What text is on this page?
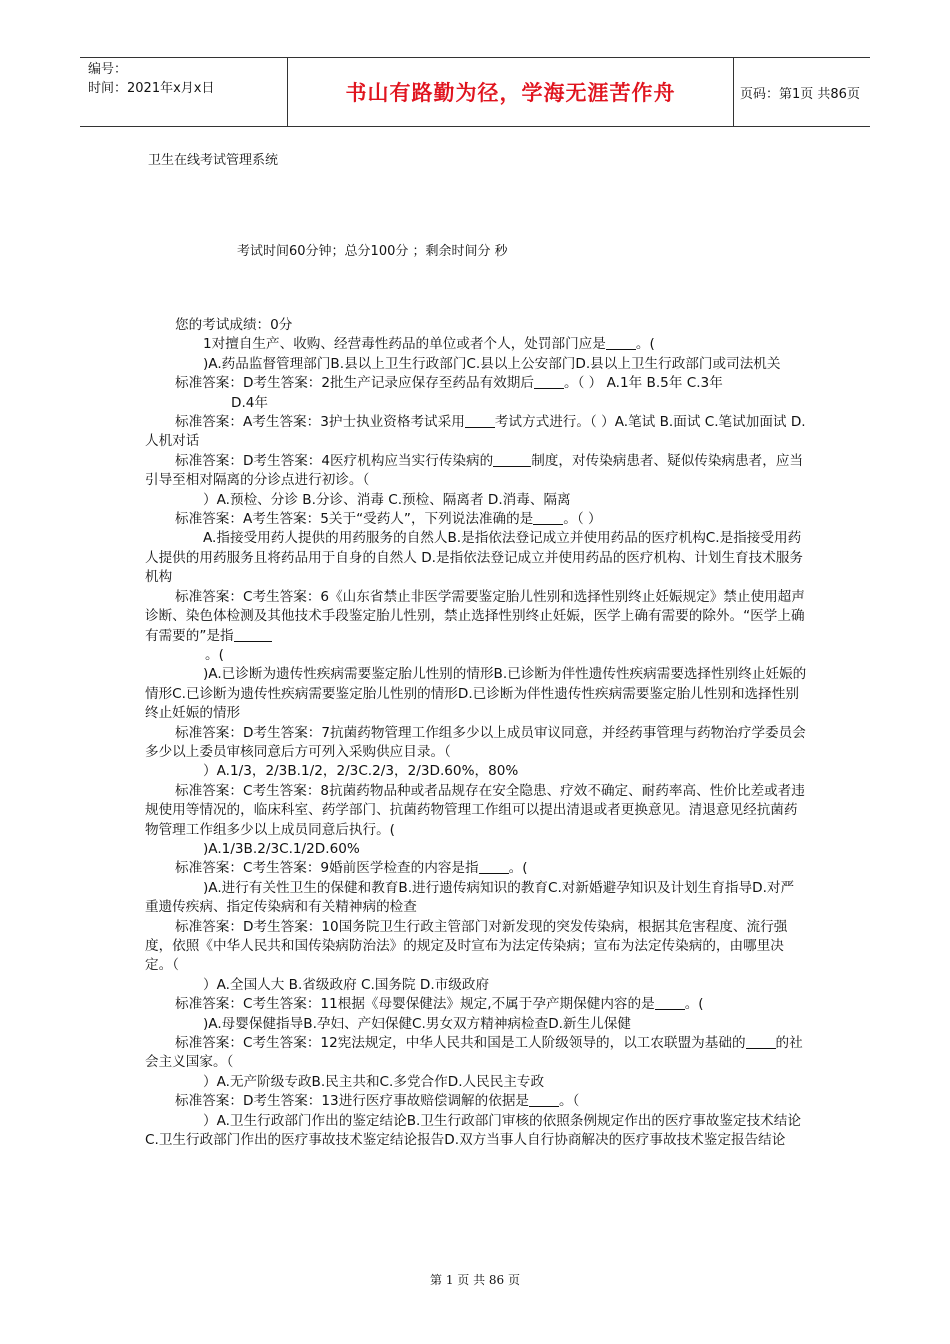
编号：
时间：2021年x月x日	书山有路勤为径，学海无涯苦作舟	页码：第1页 共86页
卫生在线考试管理系统
考试时间60分钟；总分100分 ；剩余时间分 秒

您的考试成绩：0分

1对擅自生产、收购、经营毒性药品的单位或者个人，处罚部门应是 。(

)A.药品监督管理部门B.县以上卫生行政部门C.县以上公安部门D.县以上卫生行政部门或司法机关

标准答案：D考生答案：2批生产记录应保存至药品有效期后 。（ ） A.1年 B.5年 C.3年

D.4年

标准答案：A考生答案：3护士执业资格考试采用 考试方式进行。（ ）A.笔试 B.面试 C.笔试加面试 D.人机对话

标准答案：D考生答案：4医疗机构应当实行传染病的	制度，对传染病患者、疑似传染病患者，应当引导至相对隔离的分诊点进行初诊。（

）A.预检、分诊 B.分诊、消毒 C.预检、隔离者 D.消毒、隔离

标准答案：A考生答案：5关于“受药人”，下列说法准确的是 。（ ）

A.指接受用药人提供的用药服务的自然人B.是指依法登记成立并使用药品的医疗机构C.是指接受用药人提供的用药服务且将药品用于自身的自然人 D.是指依法登记成立并使用药品的医疗机构、计划生育技术服务机构

标准答案：C考生答案：6《山东省禁止非医学需要鉴定胎儿性别和选择性别终止妊娠规定》禁止使用超声诊断、染色体检测及其他技术手段鉴定胎儿性别，禁止选择性别终止妊娠，医学上确有需要的除外。“医学上确有需要的”是指

。(

)A.已诊断为遗传性疾病需要鉴定胎儿性别的情形B.已诊断为伴性遗传性疾病需要选择性别终止妊娠的情形C.已诊断为遗传性疾病需要鉴定胎儿性别的情形D.已诊断为伴性遗传性疾病需要鉴定胎儿性别和选择性别终止妊娠的情形

标准答案：D考生答案：7抗菌药物管理工作组多少以上成员审议同意，并经药事管理与药物治疗学委员会多少以上委员审核同意后方可列入采购供应目录。（

）A.1/3，2/3B.1/2，2/3C.2/3，2/3D.60%，80%

标准答案：C考生答案：8抗菌药物品种或者品规存在安全隐患、疗效不确定、耐药率高、性价比差或者违规使用等情况的，临床科室、药学部门、抗菌药物管理工作组可以提出清退或者更换意见。清退意见经抗菌药物管理工作组多少以上成员同意后执行。(

)A.1/3B.2/3C.1/2D.60%

标准答案：C考生答案：9婚前医学检查的内容是指 。(

)A.进行有关性卫生的保健和教育B.进行遗传病知识的教育C.对新婚避孕知识及计划生育指导D.对严重遗传疾病、指定传染病和有关精神病的检查

标准答案：D考生答案：10国务院卫生行政主管部门对新发现的突发传染病，根据其危害程度、流行强度，依照《中华人民共和国传染病防治法》的规定及时宣布为法定传染病；宣布为法定传染病的，由哪里决定。（

）A.全国人大 B.省级政府 C.国务院 D.市级政府

标准答案：C考生答案：11根据《母婴保健法》规定,不属于孕产期保健内容的是 。(

)A.母婴保健指导B.孕妇、产妇保健C.男女双方精神病检查D.新生儿保健

标准答案：C考生答案：12宪法规定，中华人民共和国是工人阶级领导的，以工农联盟为基础的 的社会主义国家。（

）A.无产阶级专政B.民主共和C.多党合作D.人民民主专政

标准答案：D考生答案：13进行医疗事故赔偿调解的依据是 。（

）A.卫生行政部门作出的鉴定结论B.卫生行政部门审核的依照条例规定作出的医疗事故鉴定技术结论C.卫生行政部门作出的医疗事故技术鉴定结论报告D.双方当事人自行协商解决的医疗事故技术鉴定报告结论

第 1 页 共 86 页
